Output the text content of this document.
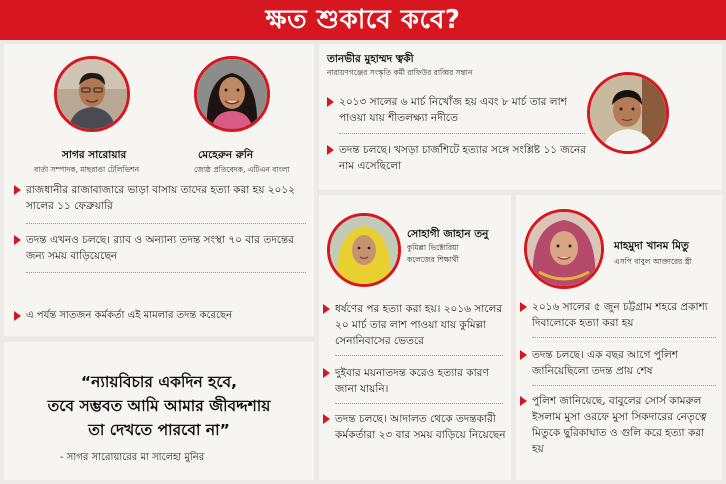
ক্ষত শুকাবে কবে?
সাগর সারোয়ার
বার্তা সম্পাদক, মাছরাঙা টেলিভিশন
মেহেরুন রুনি
জ্যেষ্ঠ প্রতিবেদক, এটিএন বাংলা
রাজধানীর রাজাবাজারে ভাড়া বাসায় তাদের হত্যা করা হয় ২০১২ সালের ১১ ফেব্রুয়ারি
তদন্ত এখনও চলছে। র‍্যাব ও অন্যান্য তদন্ত সংস্থা ৭০ বার তদন্তের জন্য সময় বাড়িয়েছেন
এ পর্যন্ত সাতজন কর্মকর্তা এই মামলার তদন্ত করেছেন
“ন্যায়বিচার একদিন হবে,
তবে সম্ভবত আমি আমার জীবদ্দশায়
তা দেখতে পারবো না”
- সাগর সারোয়ারের মা সালেহা মুনির
তানভীর মুহাম্মদ ত্বকী
নারায়ণগঞ্জের সংস্কৃতি কর্মী রাফিউর রাব্বির সন্তান
২০১৩ সালের ৬ মার্চ নিখোঁজ হয় এবং ৮ মার্চ তার লাশ পাওয়া যায় শীতলক্ষ্যা নদীতে
তদন্ত চলছে। খসড়া চার্জশিটে হত্যার সঙ্গে সংশ্লিষ্ট ১১ জনের নাম এসেছিলো
সোহাগী জাহান তনু
কুমিল্লা ভিক্টোরিয়া
কলেজের শিক্ষার্থী
ধর্ষণের পর হত্যা করা হয়। ২০১৬ সালের ২০ মার্চ তার লাশ পাওয়া যায় কুমিল্লা সেনানিবাসের ভেতরে
দুইবার ময়নাতদন্ত করেও হত্যার কারণ জানা যায়নি।
তদন্ত চলছে। আদালত থেকে তদন্তকারী কর্মকর্তারা ২৩ বার সময় বাড়িয়ে নিয়েছেন
মাহমুদা খানম মিতু
এসপি বাবুল আক্তারের স্ত্রী
২০১৬ সালের ৫ জুন চট্টগ্রাম শহরে প্রকাশ্য দিবালোকে হত্যা করা হয়
তদন্ত চলছে। এক বছর আগে পুলিশ জানিয়েছিলো তদন্ত প্রায় শেষ
পুলিশ জানিয়েছে, বাবুলের সোর্স কামরুল ইসলাম মুসা ওরফে মুসা সিকদারের নেতৃত্বে মিতুকে ছুরিকাঘাত ও গুলি করে হত্যা করা হয়
